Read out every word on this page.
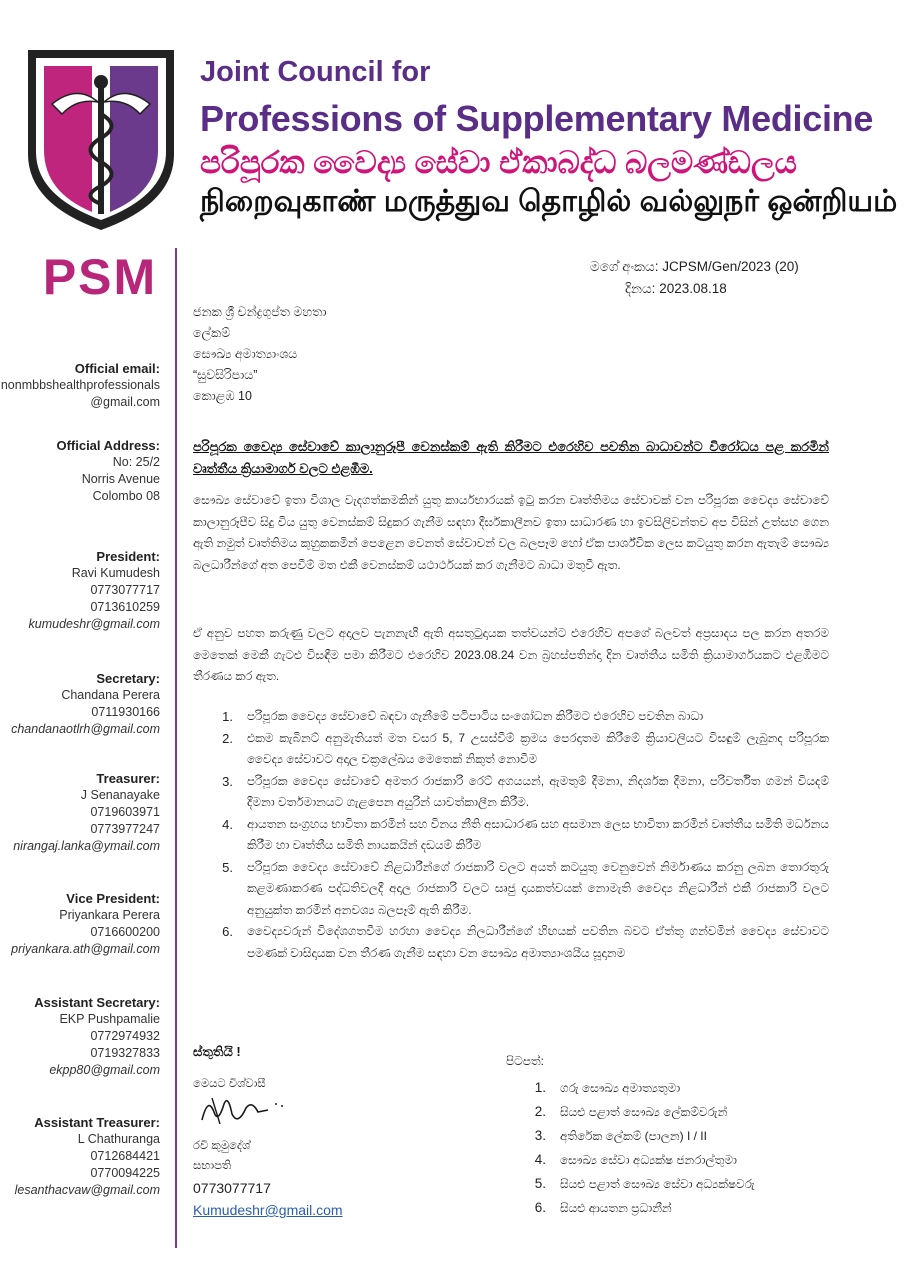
Joint Council for
Professions of Supplementary Medicine
පරිපූරක වෛද්‍ය සේවා ඒකාබද්ධ බලමණ්ඩලය
நிறைவுகாண் மருத்துவ தொழில் வல்லுநர் ஒன்றியம்
PSM
Official email:
nonmbbshealthprofessionals
@gmail.com
Official Address:
No: 25/2
Norris Avenue
Colombo 08
President:
Ravi Kumudesh
0773077717
0713610259
kumudeshr@gmail.com
Secretary:
Chandana Perera
0711930166
chandanaotlrh@gmail.com
Treasurer:
J Senanayake
0719603971
0773977247
nirangaj.lanka@ymail.com
Vice President:
Priyankara Perera
0716600200
priyankara.ath@gmail.com
Assistant Secretary:
EKP Pushpamalie
0772974932
0719327833
ekpp80@gmail.com
Assistant Treasurer:
L Chathuranga
0712684421
0770094225
lesanthacvaw@gmail.com
මගේ අංකය: JCPSM/Gen/2023 (20)
දිනය: 2023.08.18
ජනක ශ්‍රී චන්ද්‍රගුප්ත මහතා
ලේකම්
සෞඛ්‍ය අමාත්‍යාංශය
“සුවසිරිපාය”
කොළඹ 10
පරිපූරක වෛද්‍ය සේවාවේ කාලානුරූපී වෙනස්කම් ඇති කිරීමට එරෙහිව පවතින බාධාවන්ට විරෝධය පළ කරමින් වෘත්තීය ක්‍රියාමාර්ග වලට එළඹීම.
සෞඛ්‍ය සේවාවේ ඉතා විශාල වැදගත්කමකින් යුතු කාර්යභාරයක් ඉටු කරන වෘත්තිමය සේවාවක් වන පරිපූරක වෛද්‍ය සේවාවේ කාලානුරූපීව සිදු විය යුතු වෙනස්කම් සිදුකර ගැනීම සඳහා දීර්ඝකාලීනව ඉතා සාධාරණ හා ඉවසිලිවන්තව අප විසින් උත්සහ ගෙන ඇති නමුත් වෘත්තිමය කුහුකකමින් පෙළෙන වෙනත් සේවාවන් වල බලපෑම හෝ ඒක පාර්ශ්වික ලෙස කටයුතු කරන ඇතැම් සෞඛ්‍ය බලධාරීන්ගේ අත පෙවීම් මත එකී වෙනස්කම් යථාර්ථයක් කර ගැනීමට බාධා මතුවී ඇත.
ඒ අනුව පහත කරුණු වලට අදාලව පැනනැඟී ඇති අසතුටුදායක තත්වයන්ට එරෙහිව අපගේ බලවත් අප්‍රසාදය පල කරන අතරම මෙතෙක් මෙකී ගැටළු විසඳීම පමා කිරීමට එරෙහිව 2023.08.24 වන බ්‍රහස්පතින්දා දින වෘත්තීය සමිති ක්‍රියාමාර්ගයකට එළඹීමට තීරණය කර ඇත.
1.	පරිපූරක වෛද්‍ය සේවාවේ බඳවා ගැනීමේ පටිපාටිය සංශෝධන කිරීමට එරෙහිව පවතින බාධා
2.	එකම කැබිනට් අනුමැතියත් මත වසර 5, 7 උසස්වීම් ක්‍රමය පෙරදාතම කිරීමේ ක්‍රියාවලියට විසඳුම් ලැබුනද පරිපූරක වෛද්‍ය සේවාවට අදාල චක්‍රලේඛය මෙතෙක් නිකුත් නොවීම
3.	පරිපූරක වෛද්‍ය සේවාවේ අමතර රාජකාරි රෙට් අගයයන්, ඇමතුම් දීමනා, නිදර්ශක දීමනා, පරිවර්තිත ගමන් වියදම් දීමනා වර්තමානයට ගැළපෙන අයුරින් යාවත්කාලීන කිරීම.
4.	ආයතන සංග්‍රහය භාවිතා කරමින් සහ විනය නීති අසාධාරණ සහ අසමාන ලෙස භාවිතා කරමින් වෘත්තීය සමිති මර්ධනය කිරීම හා වෘත්තීය සමිති නායකයින් දඩයම් කිරීම
5.	පරිපූරක වෛද්‍ය සේවාවේ නිළධාරීන්ගේ රාජකාරි වලට අයත් කටයුතු වෙනුවෙන් නිර්මාණය කරනු ලබන තොරතුරු කළමණාකරණ පද්ධතිවලදී අදාල රාජකාරි වලට සෘජු දායකත්වයක් නොමැති වෛද්‍ය නිළධාරීන් එකී රාජකාරි වලට අනුයුක්ත කරමින් අනවශ්‍ය බලපෑම් ඇති කිරීම.
6.	වෛද්‍යවරුන් විදේශගතවීම හරහා වෛද්‍ය නිලධාරීන්ගේ හිඟයක් පවතින බවට ඒත්තු ගන්වමින් වෛද්‍ය සේවාවට පමණක් වාසිදායක වන තීරණ ගැනීම සඳහා වන සෞඛ්‍ය අමාත්‍යාංශයීය සූදානම
ස්තුතියි !
මෙයට විශ්වාසී
රවි කුමුදේශ්
සභාපති
0773077717
Kumudeshr@gmail.com
පිටපත්:
1.	ගරු සෞඛ්‍ය අමාත්‍යතුමා
2.	සියළු පළාත් සෞඛ්‍ය ලේකම්වරුන්
3.	අතිරේක ලේකම් (පාලන) I / II
4.	සෞඛ්‍ය සේවා අධ්‍යක්ෂ ජනරාල්තුමා
5.	සියළු පළාත් සෞඛ්‍ය සේවා අධ්‍යක්ෂවරු
6.	සියළු ආයතන ප්‍රධානීන්
